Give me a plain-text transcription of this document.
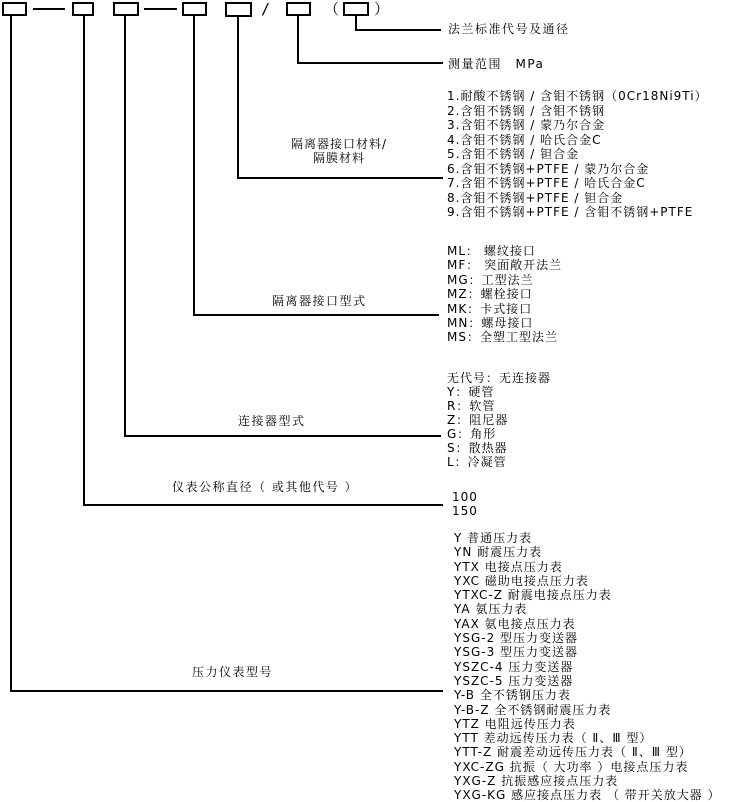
/	（ ）
法兰标准代号及通径
测量范围　MPa
1.耐酸不锈钢 / 含钼不锈钢（0Cr18Ni9Ti）
2.含钼不锈钢 / 含钼不锈钢
3.含钼不锈钢 / 蒙乃尔合金
4.含钼不锈钢 / 哈氏合金C
5.含钼不锈钢 / 钽合金
6.含钼不锈钢+PTFE / 蒙乃尔合金
7.含钼不锈钢+PTFE / 哈氏合金C
8.含钼不锈钢+PTFE / 钽合金
9.含钼不锈钢+PTFE / 含钼不锈钢+PTFE
ML： 螺纹接口
MF： 突面敞开法兰
MG：工型法兰
MZ：螺栓接口
MK：卡式接口
MN：螺母接口
MS：全塑工型法兰
无代号：无连接器
Y：硬管
R：软管
Z：阻尼器
G：角形
S：散热器
L：冷凝管
100
150
Y 普通压力表
YN 耐震压力表
YTX 电接点压力表
YXC 磁助电接点压力表
YTXC-Z 耐震电接点压力表
YA 氨压力表
YAX 氨电接点压力表
YSG-2 型压力变送器
YSG-3 型压力变送器
YSZC-4 压力变送器
YSZC-5 压力变送器
Y-B 全不锈钢压力表
Y-B-Z 全不锈钢耐震压力表
YTZ 电阻远传压力表
YTT 差动远传压力表（ Ⅱ、Ⅲ 型）
YTT-Z 耐震差动远传压力表（ Ⅱ、Ⅲ 型）
YXC-ZG 抗振（ 大功率 ）电接点压力表
YXG-Z 抗振感应接点压力表
YXG-KG 感应接点压力表 （ 带开关放大器 ）
隔离器接口材料/
隔膜材料
隔离器接口型式
连接器型式
仪表公称直径（ 或其他代号 ）
压力仪表型号
